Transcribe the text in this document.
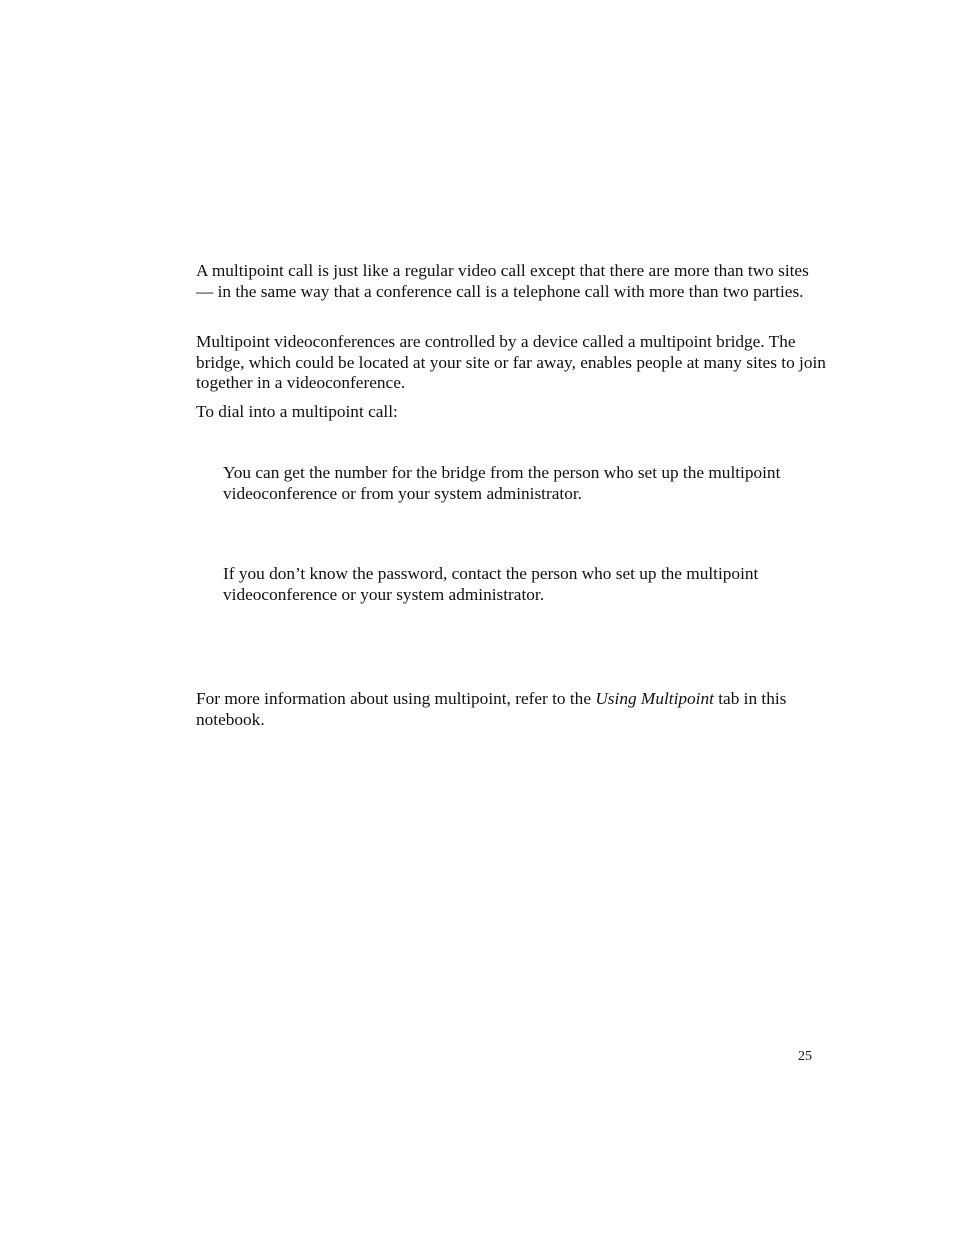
A multipoint call is just like a regular video call except that there are more than two sites — in the same way that a conference call is a telephone call with more than two parties.

Multipoint videoconferences are controlled by a device called a multipoint bridge. The bridge, which could be located at your site or far away, enables people at many sites to join together in a videoconference.

To dial into a multipoint call:

You can get the number for the bridge from the person who set up the multipoint videoconference or from your system administrator.

If you don’t know the password, contact the person who set up the multipoint videoconference or your system administrator.

For more information about using multipoint, refer to the Using Multipoint tab in this notebook.

25
